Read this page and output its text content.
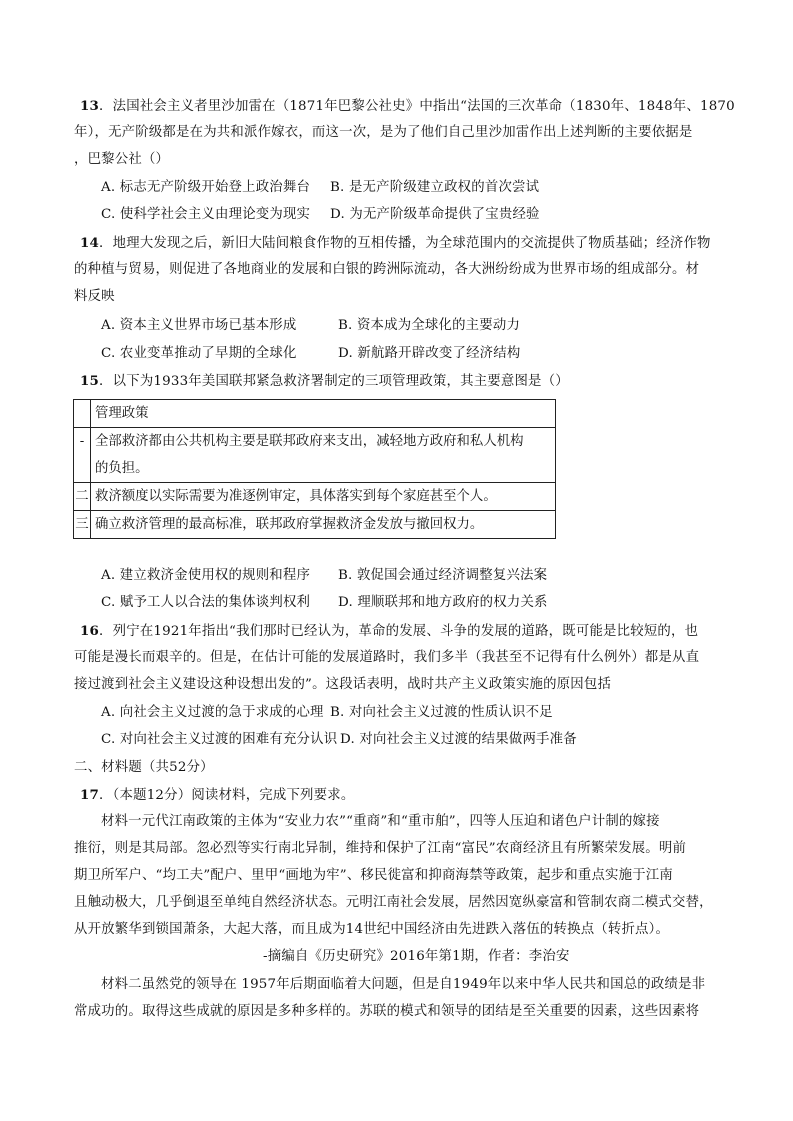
13．法国社会主义者里沙加雷在（1871年巴黎公社史》中指出“法国的三次革命（1830年、1848年、1870
年），无产阶级都是在为共和派作嫁衣，而这一次，是为了他们自己里沙加雷作出上述判断的主要依据是
，巴黎公社（）
A. 标志无产阶级开始登上政治舞台 B. 是无产阶级建立政权的首次尝试
C. 使科学社会主义由理论变为现实 D. 为无产阶级革命提供了宝贵经验
14．地理大发现之后，新旧大陆间粮食作物的互相传播，为全球范围内的交流提供了物质基础；经济作物
的种植与贸易，则促进了各地商业的发展和白银的跨洲际流动，各大洲纷纷成为世界市场的组成部分。材
料反映
A. 资本主义世界市场已基本形成	B. 资本成为全球化的主要动力
C. 农业变革推动了早期的全球化	D. 新航路开辟改变了经济结构
15．以下为1933年美国联邦紧急救济署制定的三项管理政策，其主要意图是（）
	管理政策
-	全部救济都由公共机构主要是联邦政府来支出，减轻地方政府和私人机构
的负担。

二	救济额度以实际需要为准逐例审定，具体落实到每个家庭甚至个人。
三	确立救济管理的最高标准，联邦政府掌握救济金发放与撤回权力。
A. 建立救济金使用权的规则和程序 B. 敦促国会通过经济调整复兴法案
C. 赋予工人以合法的集体谈判权利 D. 理顺联邦和地方政府的权力关系
16．列宁在1921年指出“我们那时已经认为，革命的发展、斗争的发展的道路，既可能是比较短的，也
可能是漫长而艰辛的。但是，在估计可能的发展道路时，我们多半（我甚至不记得有什么例外）都是从直
接过渡到社会主义建设这种设想出发的”。这段话表明，战时共产主义政策实施的原因包括
A. 向社会主义过渡的急于求成的心理 B. 对向社会主义过渡的性质认识不足
C. 对向社会主义过渡的困难有充分认识 D. 对向社会主义过渡的结果做两手准备
二、材料题（共52分）
17．（本题12分）阅读材料，完成下列要求。
材料一元代江南政策的主体为“安业力农”“重商”和“重市舶”，四等人压迫和诸色户计制的嫁接
推衍，则是其局部。忽必烈等实行南北异制，维持和保护了江南“富民”农商经济且有所繁荣发展。明前
期卫所军户、“均工夫”配户、里甲“画地为牢”、移民徙富和抑商海禁等政策，起步和重点实施于江南
且触动极大，几乎倒退至单纯自然经济状态。元明江南社会发展，居然因宽纵豪富和管制农商二模式交替，
从开放繁华到锁国萧条，大起大落，而且成为14世纪中国经济由先进跌入落伍的转换点（转折点）。
-摘编自《历史研究》2016年第1期，作者：李治安
材料二虽然党的领导在 1957年后期面临着大问题，但是自1949年以来中华人民共和国总的政绩是非
常成功的。取得这些成就的原因是多种多样的。苏联的模式和领导的团结是至关重要的因素，这些因素将
